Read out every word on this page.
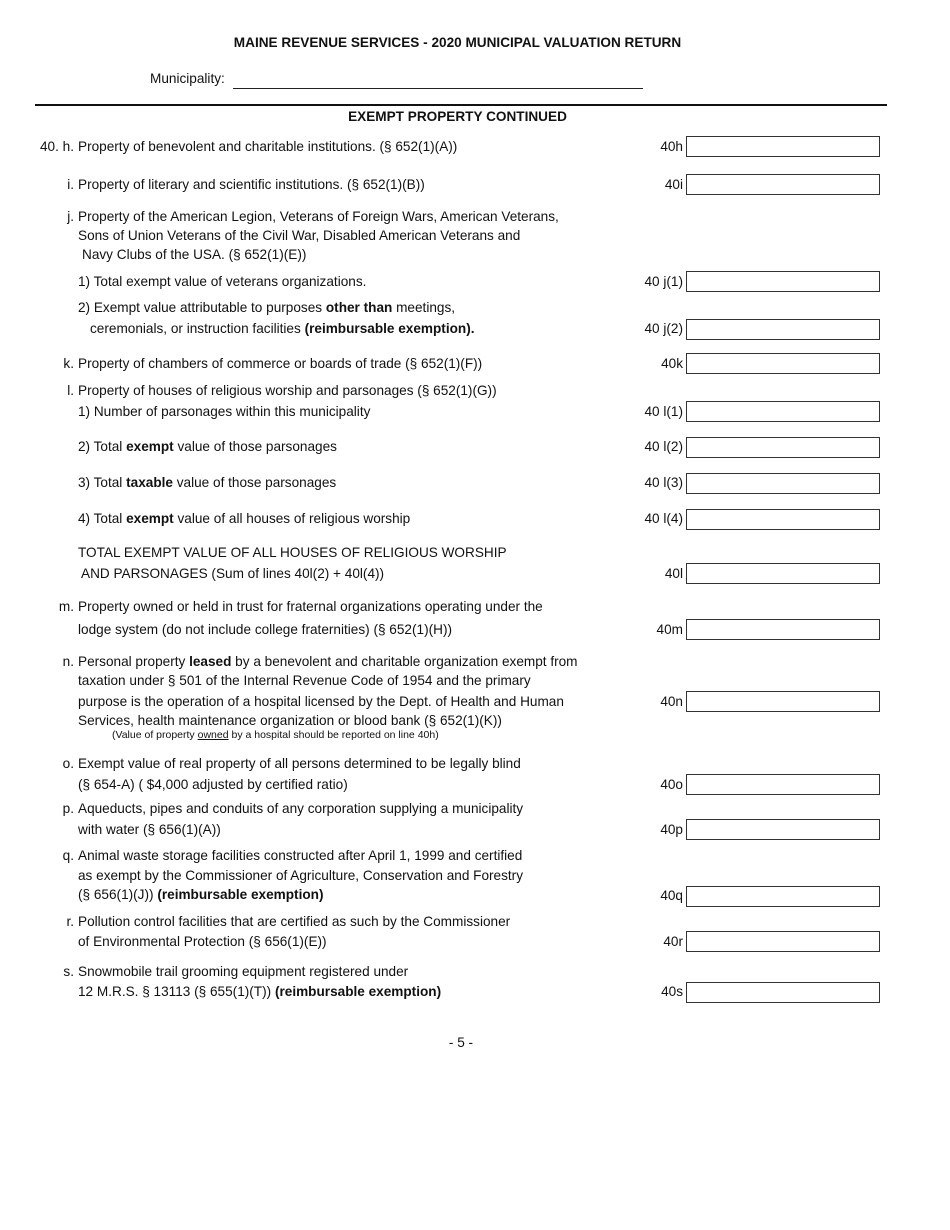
MAINE REVENUE SERVICES - 2020 MUNICIPAL VALUATION RETURN
Municipality:
EXEMPT PROPERTY CONTINUED
40. h. Property of benevolent and charitable institutions. (§ 652(1)(A))	40h
i. Property of literary and scientific institutions. (§ 652(1)(B))	40i
j. Property of the American Legion, Veterans of Foreign Wars, American Veterans,
Sons of Union Veterans of the Civil War, Disabled American Veterans and
Navy Clubs of the USA. (§ 652(1)(E))
1) Total exempt value of veterans organizations.	40 j(1)
2) Exempt value attributable to purposes other than meetings,
ceremonials, or instruction facilities (reimbursable exemption).	40 j(2)
k. Property of chambers of commerce or boards of trade (§ 652(1)(F))	40k
l. Property of houses of religious worship and parsonages (§ 652(1)(G))
1) Number of parsonages within this municipality	40 l(1)
2) Total exempt value of those parsonages	40 l(2)
3) Total taxable value of those parsonages	40 l(3)
4) Total exempt value of all houses of religious worship	40 l(4)
TOTAL EXEMPT VALUE OF ALL HOUSES OF RELIGIOUS WORSHIP
AND PARSONAGES (Sum of lines 40l(2) + 40l(4))	40l
m. Property owned or held in trust for fraternal organizations operating under the
lodge system (do not include college fraternities) (§ 652(1)(H))	40m
n. Personal property leased by a benevolent and charitable organization exempt from
taxation under § 501 of the Internal Revenue Code of 1954 and the primary
purpose is the operation of a hospital licensed by the Dept. of Health and Human
Services, health maintenance organization or blood bank (§ 652(1)(K))
(Value of property owned by a hospital should be reported on line 40h)
40n
o. Exempt value of real property of all persons determined to be legally blind
(§ 654-A) ( $4,000 adjusted by certified ratio)	40o
p. Aqueducts, pipes and conduits of any corporation supplying a municipality
with water (§ 656(1)(A))	40p
q. Animal waste storage facilities constructed after April 1, 1999 and certified
as exempt by the Commissioner of Agriculture, Conservation and Forestry
(§ 656(1)(J)) (reimbursable exemption)	40q
r. Pollution control facilities that are certified as such by the Commissioner
of Environmental Protection (§ 656(1)(E))	40r
s. Snowmobile trail grooming equipment registered under
12 M.R.S. § 13113 (§ 655(1)(T)) (reimbursable exemption)	40s
- 5 -
